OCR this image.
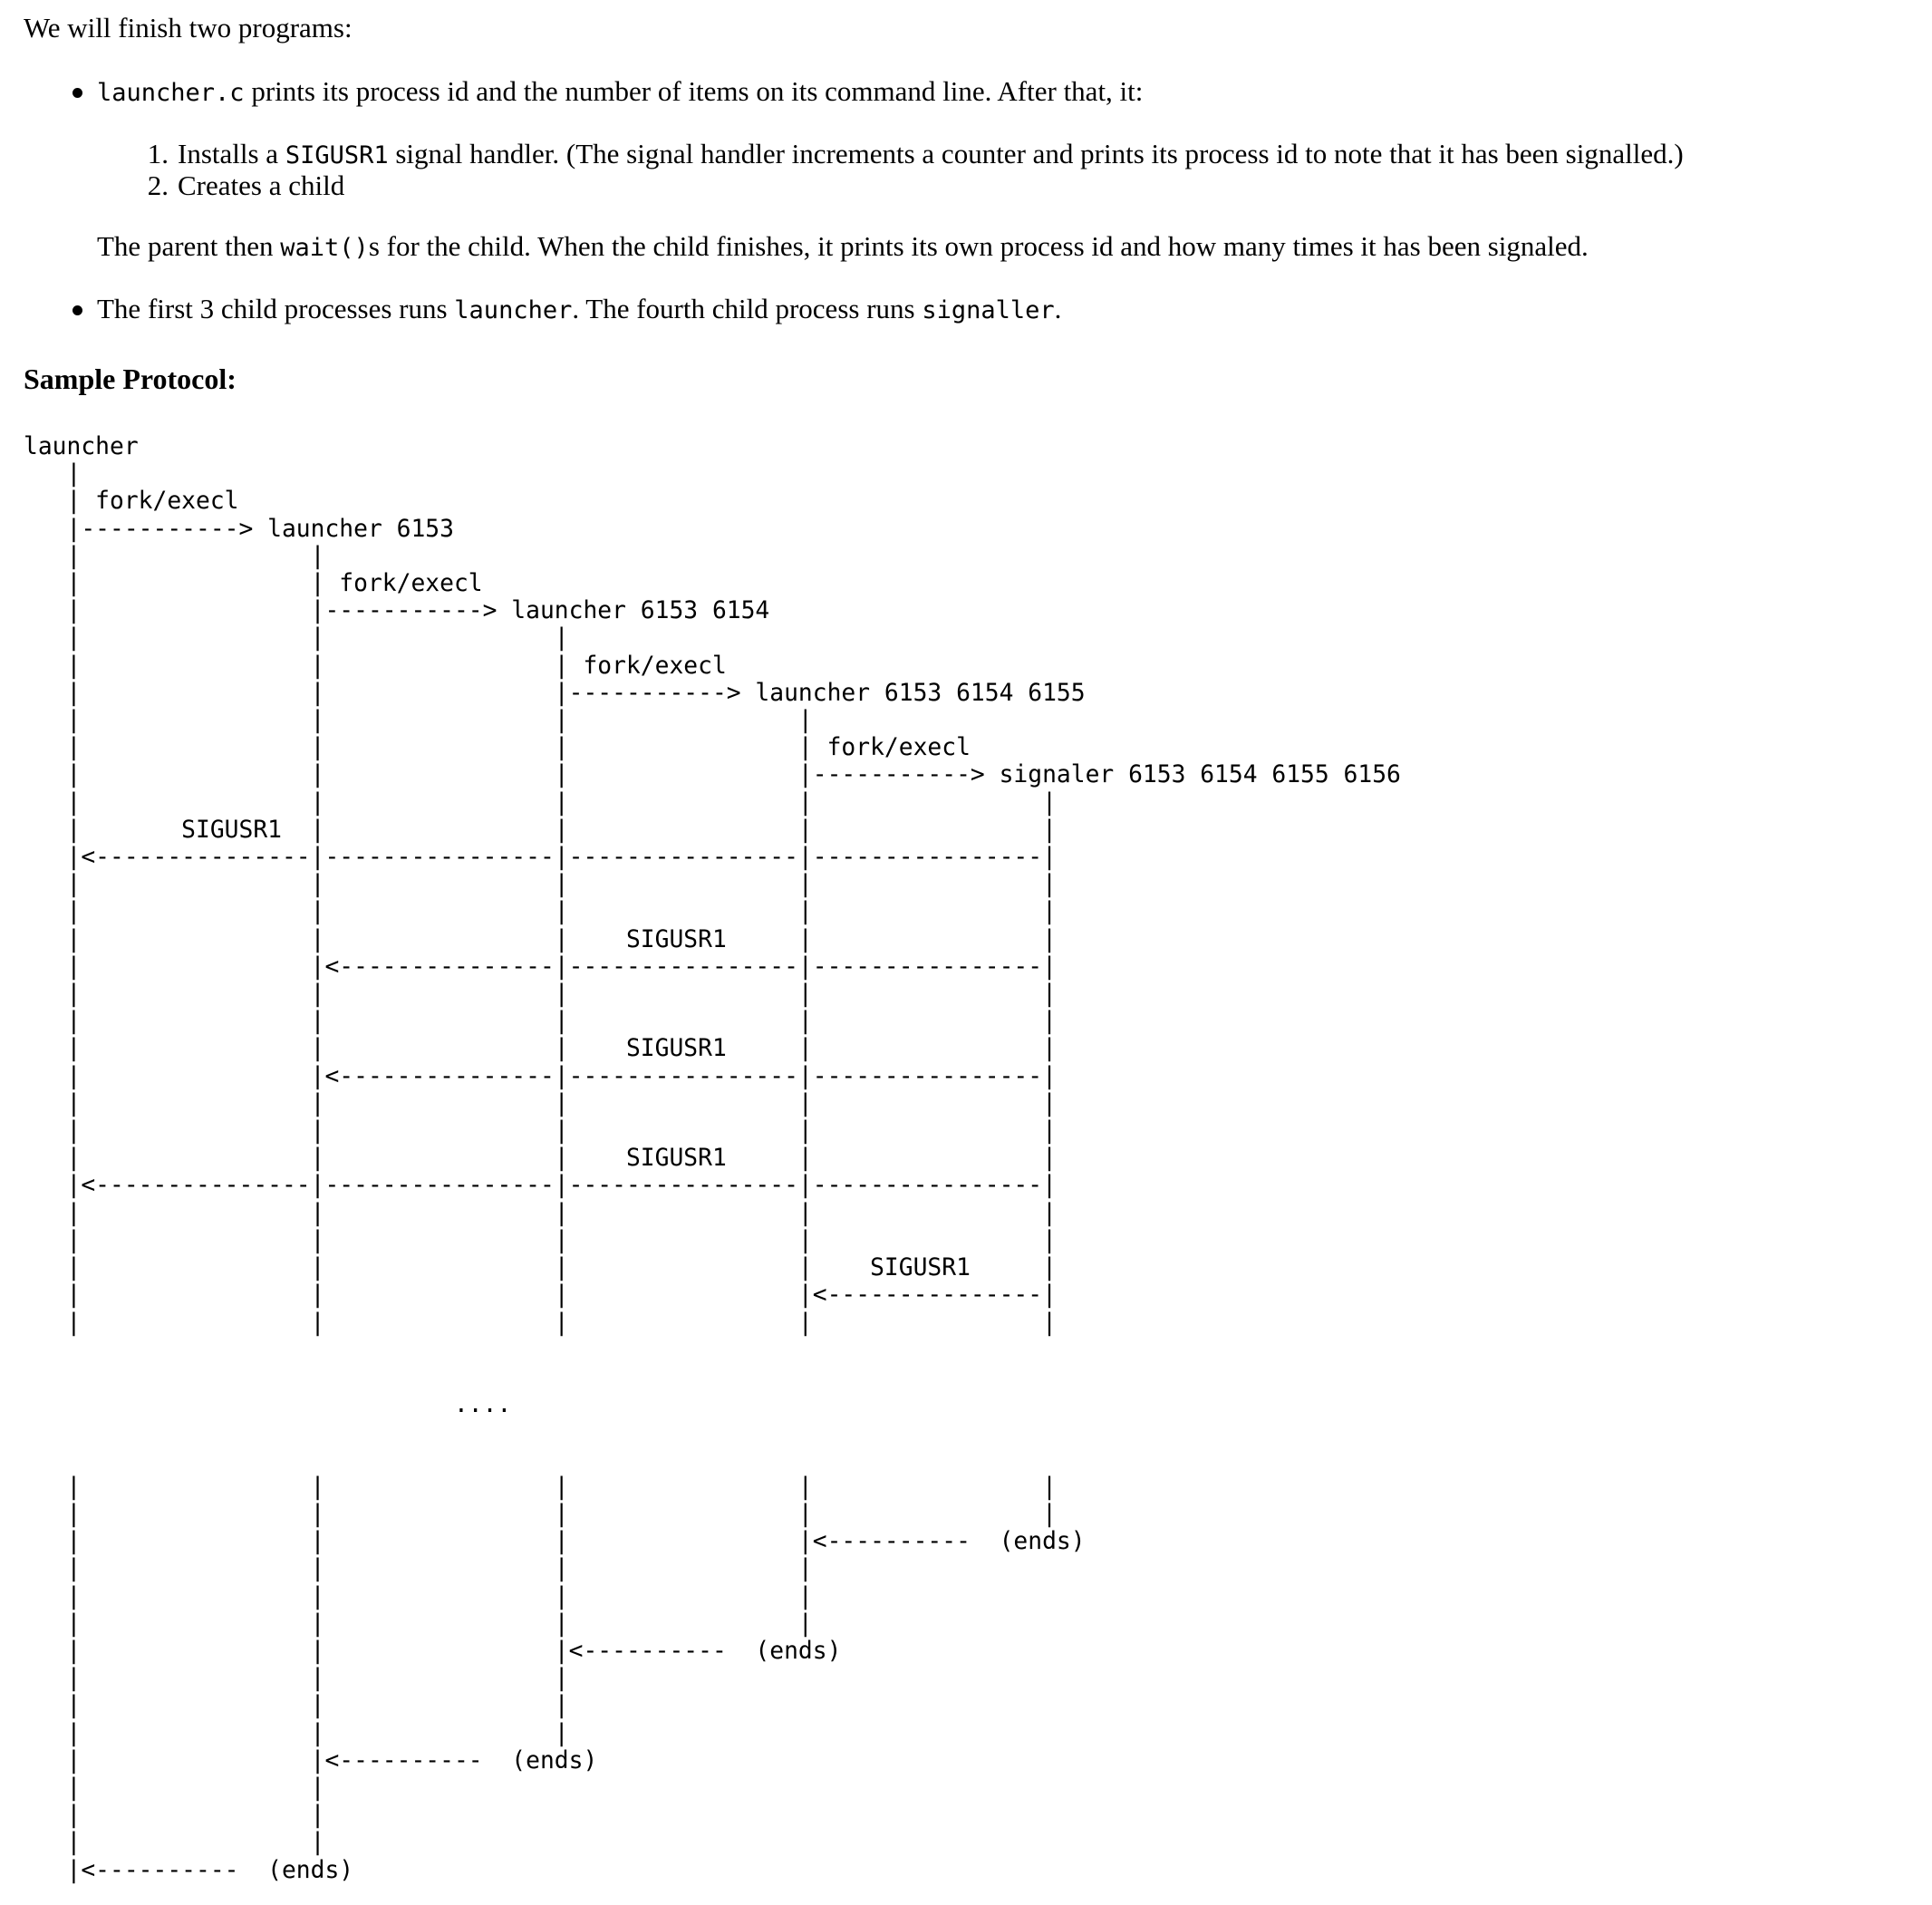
We will finish two programs:
launcher.c prints its process id and the number of items on its command line. After that, it:
The first 3 child processes runs launcher. The fourth child process runs signaller.
1. Installs a SIGUSR1 signal handler. (The signal handler increments a counter and prints its process id to note that it has been signalled.)
2. Creates a child
The parent then wait()s for the child. When the child finishes, it prints its own process id and how many times it has been signaled.
Sample Protocol:
launcher
|
| fork/execl
|-----------> launcher 6153
|                |
|                | fork/execl
|                |-----------> launcher 6153 6154
|                |                |
|                |                | fork/execl
|                |                |-----------> launcher 6153 6154 6155
|                |                |                |
|                |                |                | fork/execl
|                |                |                |-----------> signaler 6153 6154 6155 6156
|                |                |                |                |
|       SIGUSR1  |                |                |                |
|<---------------|----------------|----------------|----------------|
|                |                |                |                |
|                |                |                |                |
|                |                |    SIGUSR1     |                |
|                |<---------------|----------------|----------------|
|                |                |                |                |
|                |                |                |                |
|                |                |    SIGUSR1     |                |
|                |<---------------|----------------|----------------|
|                |                |                |                |
|                |                |                |                |
|                |                |    SIGUSR1     |                |
|<---------------|----------------|----------------|----------------|
|                |                |                |                |
|                |                |                |                |
|                |                |                |    SIGUSR1     |
|                |                |                |<---------------|
|                |                |                |                |

....

|                |                |                |                |
|                |                |                |                |
|                |                |                |<----------  (ends)
|                |                |                |
|                |                |                |
|                |                |                |
|                |                |<----------  (ends)
|                |                |
|                |                |
|                |                |
|                |<----------  (ends)
|                |
|                |
|                |
|<----------  (ends)
